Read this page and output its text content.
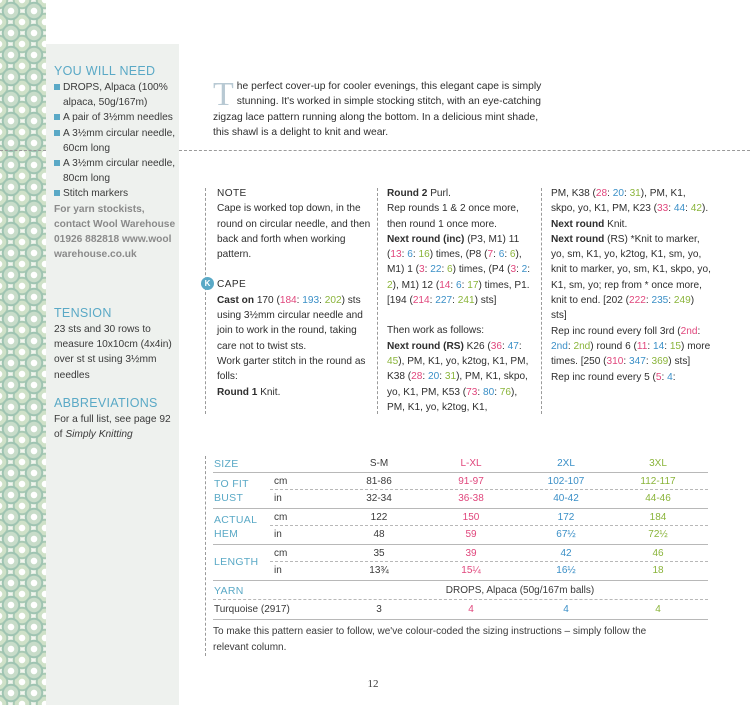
YOU WILL NEED
DROPS, Alpaca (100% alpaca, 50g/167m)
A pair of 3½mm needles
A 3½mm circular needle, 60cm long
A 3½mm circular needle, 80cm long
Stitch markers
For yarn stockists, contact Wool Warehouse 01926 882818 www.wool warehouse.co.uk
TENSION
23 sts and 30 rows to measure 10x10cm (4x4in) over st st using 3½mm needles
ABBREVIATIONS
For a full list, see page 92 of Simply Knitting
The perfect cover-up for cooler evenings, this elegant cape is simply stunning. It's worked in simple stocking stitch, with an eye-catching zigzag lace pattern running along the bottom. In a delicious mint shade, this shawl is a delight to knit and wear.
NOTE
Cape is worked top down, in the round on circular needle, and then back and forth when working pattern.
CAPE
Cast on 170 (184: 193: 202) sts using 3½mm circular needle and join to work in the round, taking care not to twist sts.
Work garter stitch in the round as folls:
Round 1 Knit.
K
Round 2 Purl.
Rep rounds 1 & 2 once more, then round 1 once more.
Next round (inc) (P3, M1) 11 (13: 6: 16) times, (P8 (7: 6: 6), M1) 1 (3: 22: 6) times, (P4 (3: 2: 2), M1) 12 (14: 6: 17) times, P1. [194 (214: 227: 241) sts]
Then work as follows:
Next round (RS) K26 (36: 47: 45), PM, K1, yo, k2tog, K1, PM, K38 (28: 20: 31), PM, K1, skpo, yo, K1, PM, K53 (73: 80: 76), PM, K1, yo, k2tog, K1,
PM, K38 (28: 20: 31), PM, K1, skpo, yo, K1, PM, K23 (33: 44: 42).
Next round Knit.
Next round (RS) *Knit to marker, yo, sm, K1, yo, k2tog, K1, sm, yo, knit to marker, yo, sm, K1, skpo, yo, K1, sm, yo; rep from * once more, knit to end. [202 (222: 235: 249) sts]
Rep inc round every foll 3rd (2nd: 2nd: 2nd) round 6 (11: 14: 15) more times. [250 (310: 347: 369) sts]
Rep inc round every 5 (5: 4:
SIZE	S-M	L-XL	2XL	3XL
TO FIT
BUST
cm	81-86	91-97	102-107	112-117
in	32-34	36-38	40-42	44-46
ACTUAL
HEM
cm	122	150	172	184
in	48	59	67½	72½
LENGTH
cm	35	39	42	46
in	13¾	15¼	16½	18
YARN	DROPS, Alpaca (50g/167m balls)
Turquoise (2917)	3	4	4	4
To make this pattern easier to follow, we've colour-coded the sizing instructions – simply follow the relevant column.
12
